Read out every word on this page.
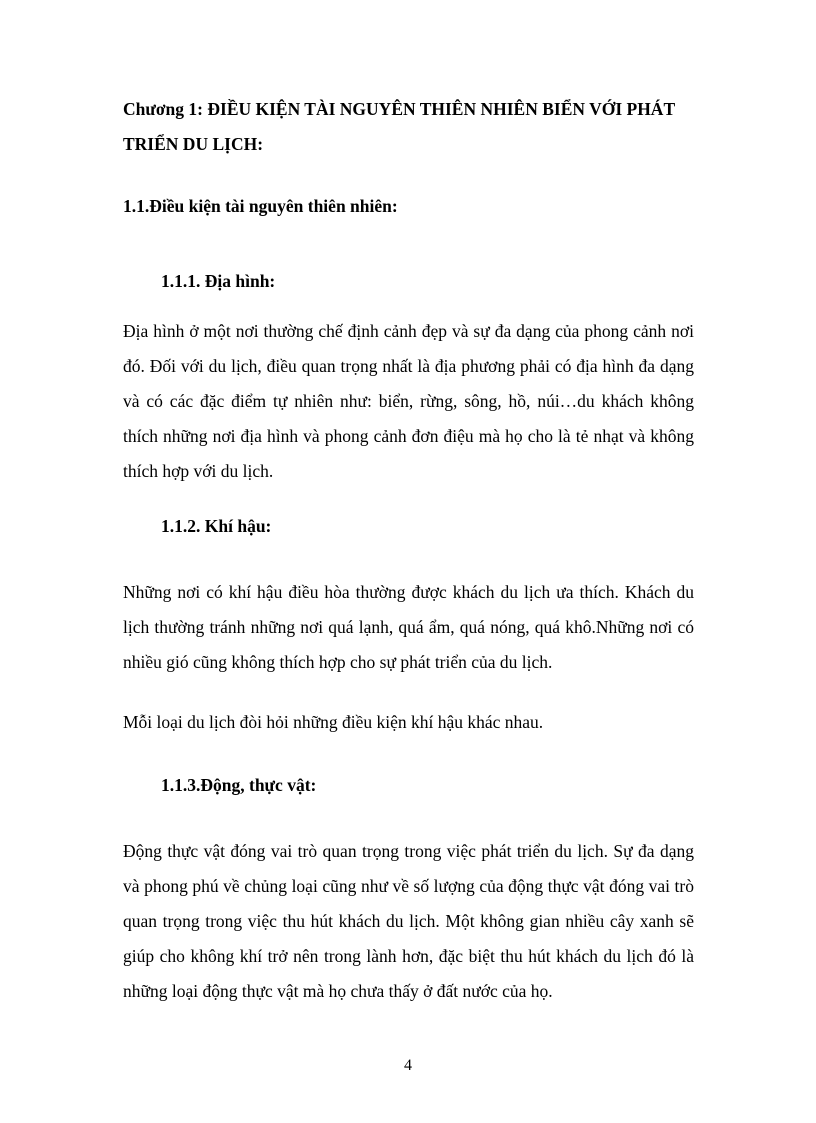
Chương 1: ĐIỀU KIỆN TÀI NGUYÊN THIÊN NHIÊN BIỂN VỚI PHÁT TRIỂN DU LỊCH:

1.1.Điều kiện tài nguyên thiên nhiên:

1.1.1. Địa hình:

Địa hình ở một nơi thường chế định cảnh đẹp và sự đa dạng của phong cảnh nơi đó. Đối với du lịch, điều quan trọng nhất là địa phương phải có địa hình đa dạng và có các đặc điểm tự nhiên như: biển, rừng, sông, hồ, núi…du khách không thích những nơi địa hình và phong cảnh đơn điệu mà họ cho là tẻ nhạt và không thích hợp với du lịch.

1.1.2. Khí hậu:

Những nơi có khí hậu điều hòa thường được khách du lịch ưa thích. Khách du lịch thường tránh những nơi quá lạnh, quá ẩm, quá nóng, quá khô.Những nơi có nhiều gió cũng không thích hợp cho sự phát triển của du lịch.

Mỗi loại du lịch đòi hỏi những điều kiện khí hậu khác nhau.

1.1.3.Động, thực vật:

Động thực vật đóng vai trò quan trọng trong việc phát triển du lịch. Sự đa dạng và phong phú về chủng loại cũng như về số lượng của động thực vật đóng vai trò quan trọng trong việc thu hút khách du lịch. Một không gian nhiều cây xanh sẽ giúp cho không khí trở nên trong lành hơn, đặc biệt thu hút khách du lịch đó là những loại động thực vật mà họ chưa thấy ở đất nước của họ.

4
